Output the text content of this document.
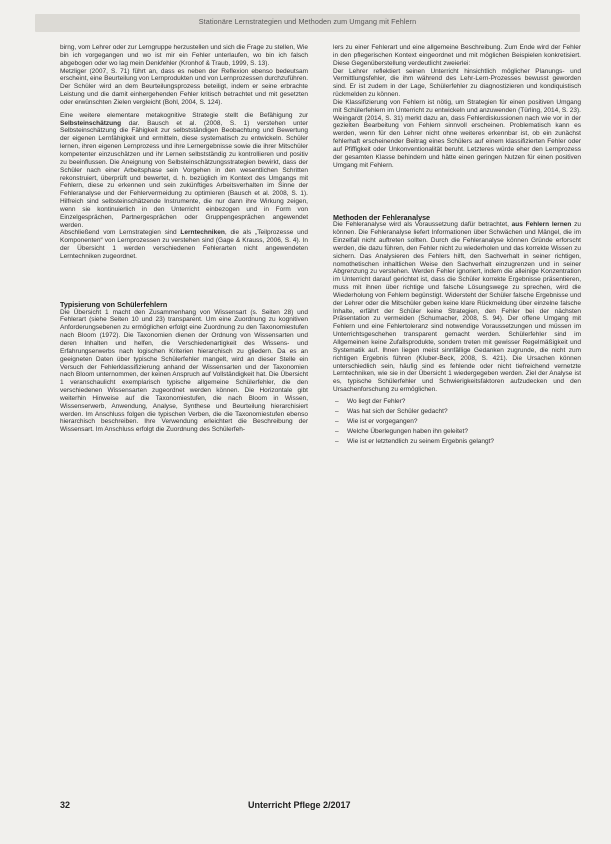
Stationäre Lernstrategien und Methoden zum Umgang mit Fehlern

birng, vom Lehrer oder zur Lerngruppe herzustellen und sich die Frage zu stellen, Wie bin ich vorgegangen und wo ist mir ein Fehler unterlaufen, wo bin ich falsch abgebogen oder wo lag mein Denkfehler (Kronhof & Traub, 1999, S. 13).

Metzliger (2007, S. 71) führt an, dass es neben der Reflexion ebenso bedeutsam erscheint, eine Beurteilung von Lernprodukten und von Lernprozessen durchzuführen. Der Schüler wird an dem Beurteilungsprozess beteiligt, indem er seine erbrachte Leistung und die damit einhergehenden Fehler kritisch betrachtet und mit gesetzten oder erwünschten Zielen vergleicht (Bohl, 2004, S. 124).

Eine weitere elementare metakognitive Strategie stellt die Befähigung zur Selbsteinschätzung dar. Bausch et al. (2008, S. 1) verstehen unter Selbsteinschätzung die Fähigkeit zur selbstständigen Beobachtung und Bewertung der eigenen Lernfähigkeit und ermitteln, diese systematisch zu entwickeln. Schüler lernen, ihren eigenen Lernprozess und ihre Lernergebnisse sowie die ihrer Mitschüler kompetenter einzuschätzen und ihr Lernen selbstständig zu kontrollieren und positiv zu beeinflussen. Die Aneignung von Selbsteinschätzungsstrategien bewirkt, dass der Schüler nach einer Arbeitsphase sein Vorgehen in den wesentlichen Schritten rekonstruiert, überprüft und bewertet, d. h. bezüglich im Kontext des Umgangs mit Fehlern, diese zu erkennen und sein zukünftiges Arbeitsverhalten im Sinne der Fehleranalyse und der Fehlervermeidung zu optimieren (Bausch et al. 2008, S. 1). Hilfreich sind selbsteinschätzende Instrumente, die nur dann ihre Wirkung zeigen, wenn sie kontinuierlich in den Unterricht einbezogen und in Form von Einzelgesprächen, Partnergesprächen oder Gruppengesprächen angewendet werden.

Abschließend vom Lernstrategien sind Lerntechniken, die als „Teilprozesse und Komponenten“ von Lernprozessen zu verstehen sind (Gage & Krauss, 2006, S. 4). In der Übersicht 1 werden verschiedenen Fehlerarten nicht angewendeten Lerntechniken zugeordnet.

Typisierung von Schülerfehlern

Die Übersicht 1 macht den Zusammenhang von Wissensart (s. Seiten 28) und Fehlerart (siehe Seiten 10 und 23) transparent. Um eine Zuordnung zu kognitiven Anforderungsebenen zu ermöglichen erfolgt eine Zuordnung zu den Taxonomiestufen nach Bloom (1972). Die Taxonomien dienen der Ordnung von Wissensarten und deren Inhalten und helfen, die Verschiedenartigkeit des Wissens- und Erfahrungserwerbs nach logischen Kriterien hierarchisch zu gliedern. Da es an geeigneten Daten über typische Schülerfehler mangelt, wird an dieser Stelle ein Versuch der Fehlerklassifizierung anhand der Wissensarten und der Taxonomien nach Bloom unternommen, der keinen Anspruch auf Vollständigkeit hat. Die Übersicht 1 veranschaulicht exemplarisch typische allgemeine Schülerfehler, die den verschiedenen Wissensarten zugeordnet werden können. Die Horizontale gibt weiterhin Hinweise auf die Taxonomiestufen, die nach Bloom in Wissen, Wissenserwerb, Anwendung, Analyse, Synthese und Beurteilung hierarchisiert werden. Im Anschluss folgen die typischen Verben, die die Taxonomiestufen ebenso hierarchisch beschreiben. Ihre Verwendung erleichtert die Beschreibung der Wissensart. Im Anschluss erfolgt die Zuordnung des Schülerfeh-

lers zu einer Fehlerart und eine allgemeine Beschreibung. Zum Ende wird der Fehler in den pflegerischen Kontext eingeordnet und mit möglichen Beispielen konkretisiert. Diese Gegenüberstellung verdeutlicht zweierlei:

Der Lehrer reflektiert seinen Unterricht hinsichtlich möglicher Planungs- und Vermittlungsfehler, die ihm während des Lehr-Lern-Prozesses bewusst geworden sind. Er ist zudem in der Lage, Schülerfehler zu diagnostizieren und kondiquistisch rückmelden zu können.

Die Klassifizierung von Fehlern ist nötig, um Strategien für einen positiven Umgang mit Schülerfehlern im Unterricht zu entwickeln und anzuwenden (Türling, 2014, S. 23). Weingardt (2014, S. 31) merkt dazu an, dass Fehlerdiskussionen nach wie vor in der gezielten Bearbeitung von Fehlern sinnvoll erscheinen. Problematisch kann es werden, wenn für den Lehrer nicht ohne weiteres erkennbar ist, ob ein zunächst fehlerhaft erscheinender Beitrag eines Schülers auf einem klassifizierten Fehler oder auf Pfiffigkeit oder Unkonventionalität beruht. Letzteres würde eher den Lernprozess der gesamten Klasse behindern und hätte einen geringen Nutzen für einen positiven Umgang mit Fehlern.

Methoden der Fehleranalyse

Die Fehleranalyse wird als Voraussetzung dafür betrachtet, aus Fehlern lernen zu können. Die Fehleranalyse liefert Informationen über Schwächen und Mängel, die im Einzelfall nicht auftreten sollten. Durch die Fehleranalyse können Gründe erforscht werden, die dazu führen, den Fehler nicht zu wiederholen und das korrekte Wissen zu sichern. Das Analysieren des Fehlers hilft, den Sachverhalt in seiner richtigen, nomothetischen inhaltlichen Weise den Sachverhalt einzugrenzen und in seiner Abgrenzung zu verstehen. Werden Fehler ignoriert, indem die alleinige Konzentration im Unterricht darauf gerichtet ist, dass die Schüler korrekte Ergebnisse präsentieren, muss mit ihnen über richtige und falsche Lösungswege zu sprechen, wird die Wiederholung von Fehlern begünstigt. Widersteht der Schüler falsche Ergebnisse und der Lehrer oder die Mitschüler geben keine klare Rückmeldung über einzelne falsche Inhalte, erfährt der Schüler keine Strategien, den Fehler bei der nächsten Präsentation zu vermeiden (Schumacher, 2008, S. 94). Der offene Umgang mit Fehlern und eine Fehlertoleranz sind notwendige Voraussetzungen und müssen im Unterrichtsgeschehen transparent gemacht werden. Schülerfehler sind im Allgemeinen keine Zufallsprodukte, sondern treten mit gewisser Regelmäßigkeit und Systematik auf. Ihnen liegen meist sinnfällige Gedanken zugrunde, die nicht zum richtigen Ergebnis führen (Kluber-Beck, 2008, S. 421). Die Ursachen können unterschiedlich sein, häufig sind es fehlende oder nicht tiefreichend vernetzte Lerntechniken, wie sie in der Übersicht 1 wiedergegeben werden. Ziel der Analyse ist es, typische Schülerfehler und Schwierigkeitsfaktoren aufzudecken und den Ursachenforschung zu ermöglichen.

– Wo liegt der Fehler?
– Was hat sich der Schüler gedacht?
– Wie ist er vorgegangen?
– Welche Überlegungen haben ihn geleitet?
– Wie ist er letztendlich zu seinem Ergebnis gelangt?
32	Unterricht Pflege 2/2017
